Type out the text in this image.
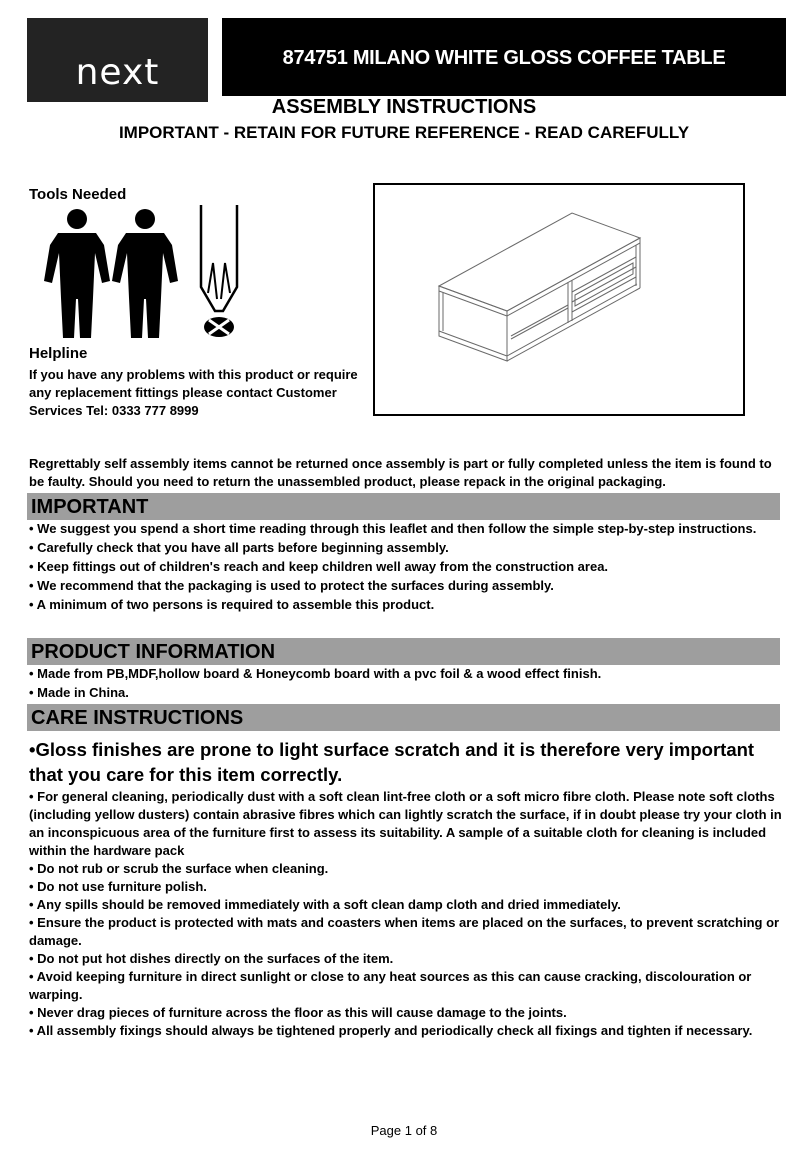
next	874751 MILANO WHITE GLOSS COFFEE TABLE
ASSEMBLY INSTRUCTIONS
IMPORTANT - RETAIN FOR FUTURE REFERENCE - READ CAREFULLY
Tools Needed
Helpline
If you have any problems with this product or require
any replacement fittings please contact Customer
Services Tel: 0333 777 8999
Regrettably self assembly items cannot be returned once assembly is part or fully completed unless the item is found to be faulty. Should you need to return the unassembled product, please repack in the original packaging.
IMPORTANT
• We suggest you spend a short time reading through this leaflet and then follow the simple step-by-step instructions.
• Carefully check that you have all parts before beginning assembly.
• Keep fittings out of children's reach and keep children well away from the construction area.
• We recommend that the packaging is used to protect the surfaces during assembly.
• A minimum of two persons is required to assemble this product.
PRODUCT INFORMATION
• Made from PB,MDF,hollow board & Honeycomb board with a pvc foil & a wood effect finish.
• Made in China.
CARE INSTRUCTIONS
•Gloss finishes are prone to light surface scratch and it is therefore very important that you care for this item correctly.
• For general cleaning, periodically dust with a soft clean lint-free cloth or a soft micro fibre cloth. Please note soft cloths (including yellow dusters) contain abrasive fibres which can lightly scratch the surface, if in doubt please try your cloth in an inconspicuous area of the furniture first to assess its suitability. A sample of a suitable cloth for cleaning is included within the hardware pack
• Do not rub or scrub the surface when cleaning.
• Do not use furniture polish.
• Any spills should be removed immediately with a soft clean damp cloth and dried immediately.
• Ensure the product is protected with mats and coasters when items are placed on the surfaces, to prevent scratching or damage.
• Do not put hot dishes directly on the surfaces of the item.
• Avoid keeping furniture in direct sunlight or close to any heat sources as this can cause cracking, discolouration or warping.
• Never drag pieces of furniture across the floor as this will cause damage to the joints.
• All assembly fixings should always be tightened properly and periodically check all fixings and tighten if necessary.
Page 1 of 8
